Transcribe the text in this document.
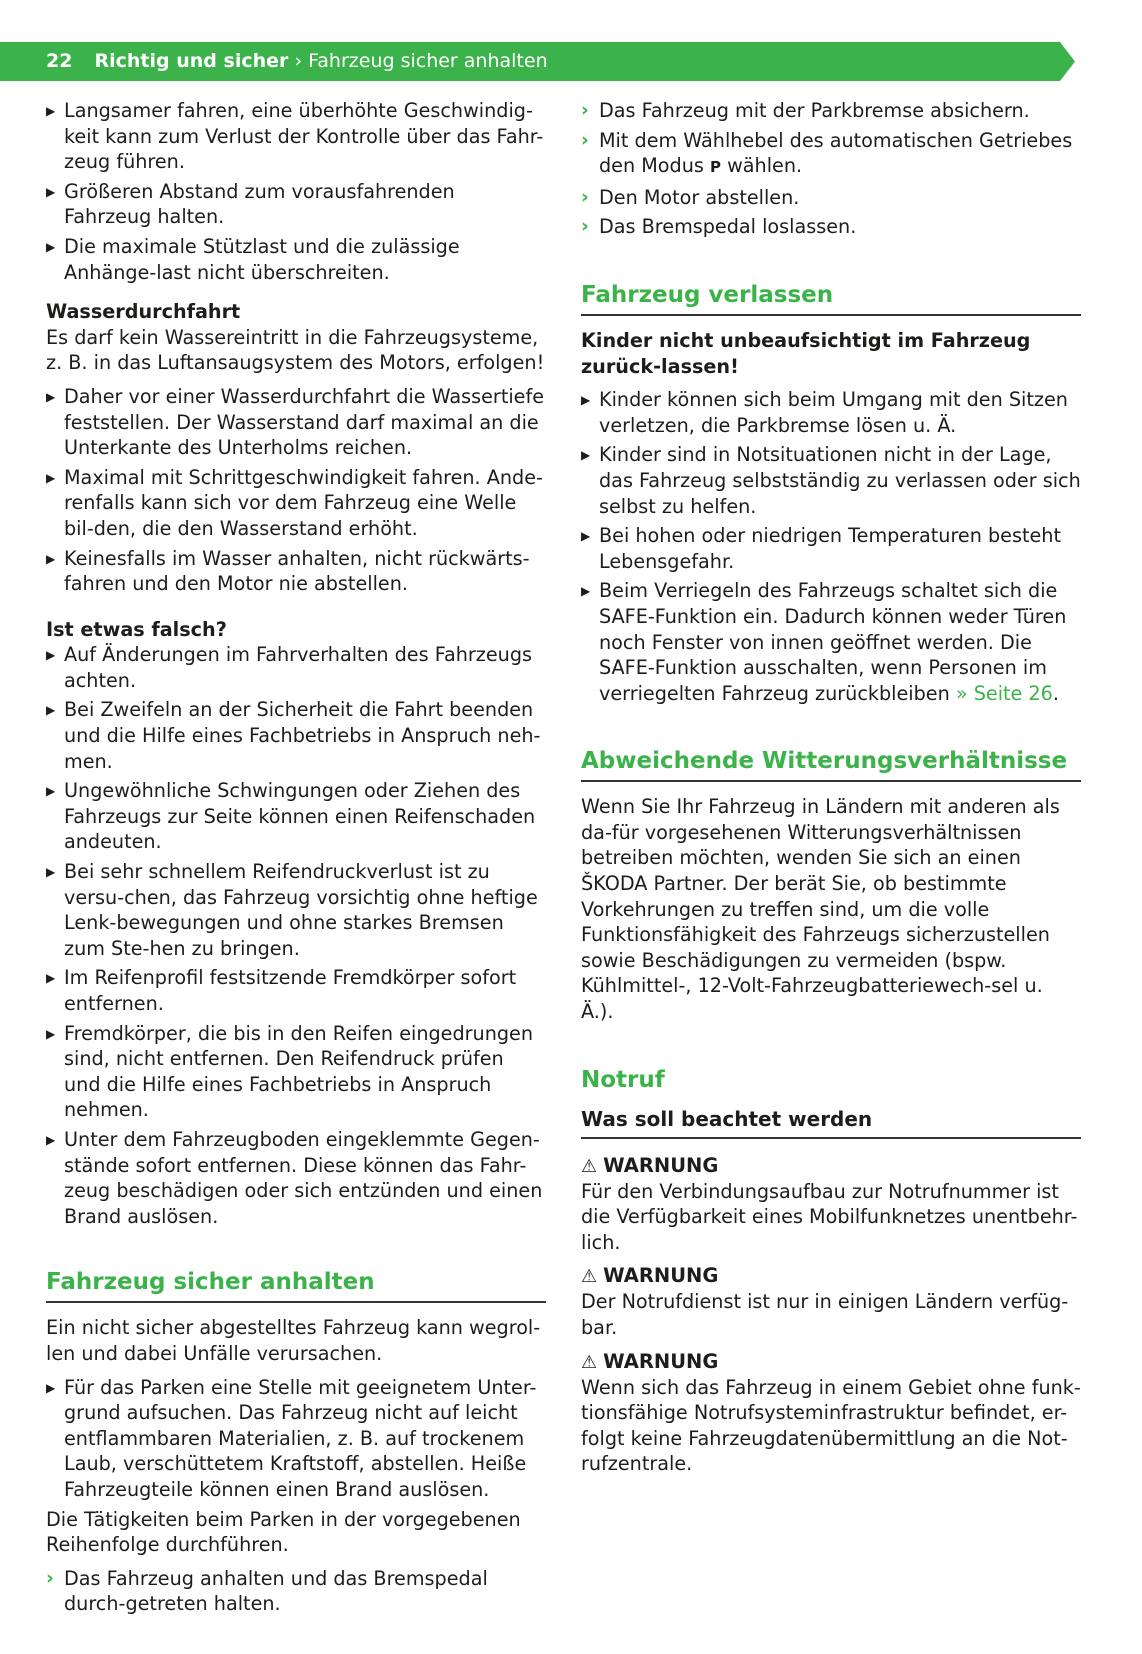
22 Richtig und sicher › Fahrzeug sicher anhalten
▶ Langsamer fahren, eine überhöhte Geschwindig-keit kann zum Verlust der Kontrolle über das Fahr-zeug führen.
▶ Größeren Abstand zum vorausfahrenden Fahrzeug halten.
▶ Die maximale Stützlast und die zulässige Anhänge-last nicht überschreiten.
Wasserdurchfahrt

Es darf kein Wassereintritt in die Fahrzeugsysteme, z. B. in das Luftansaugsystem des Motors, erfolgen!

▶ Daher vor einer Wasserdurchfahrt die Wassertiefe feststellen. Der Wasserstand darf maximal an die Unterkante des Unterholms reichen.
▶ Maximal mit Schrittgeschwindigkeit fahren. Ande-renfalls kann sich vor dem Fahrzeug eine Welle bil-den, die den Wasserstand erhöht.
▶ Keinesfalls im Wasser anhalten, nicht rückwärts-fahren und den Motor nie abstellen.
Ist etwas falsch?
▶ Auf Änderungen im Fahrverhalten des Fahrzeugs achten.
▶ Bei Zweifeln an der Sicherheit die Fahrt beenden und die Hilfe eines Fachbetriebs in Anspruch neh-men.
▶ Ungewöhnliche Schwingungen oder Ziehen des Fahrzeugs zur Seite können einen Reifenschaden andeuten.
▶ Bei sehr schnellem Reifendruckverlust ist zu versu-chen, das Fahrzeug vorsichtig ohne heftige Lenk-bewegungen und ohne starkes Bremsen zum Ste-hen zu bringen.
▶ Im Reifenprofil festsitzende Fremdkörper sofort entfernen.
▶ Fremdkörper, die bis in den Reifen eingedrungen sind, nicht entfernen. Den Reifendruck prüfen und die Hilfe eines Fachbetriebs in Anspruch nehmen.
▶ Unter dem Fahrzeugboden eingeklemmte Gegen-stände sofort entfernen. Diese können das Fahr-zeug beschädigen oder sich entzünden und einen Brand auslösen.
Fahrzeug sicher anhalten

Ein nicht sicher abgestelltes Fahrzeug kann wegrol-len und dabei Unfälle verursachen.

▶ Für das Parken eine Stelle mit geeignetem Unter-grund aufsuchen. Das Fahrzeug nicht auf leicht entflammbaren Materialien, z. B. auf trockenem Laub, verschüttetem Kraftstoff, abstellen. Heiße Fahrzeugteile können einen Brand auslösen.

Die Tätigkeiten beim Parken in der vorgegebenen Reihenfolge durchführen.

› Das Fahrzeug anhalten und das Bremspedal durch-getreten halten.
› Das Fahrzeug mit der Parkbremse absichern.
› Mit dem Wählhebel des automatischen Getriebes den Modus P wählen.
› Den Motor abstellen.
› Das Bremspedal loslassen.
Fahrzeug verlassen
Kinder nicht unbeaufsichtigt im Fahrzeug zurück-lassen!
▶ Kinder können sich beim Umgang mit den Sitzen verletzen, die Parkbremse lösen u. Ä.
▶ Kinder sind in Notsituationen nicht in der Lage, das Fahrzeug selbstständig zu verlassen oder sich selbst zu helfen.
▶ Bei hohen oder niedrigen Temperaturen besteht Lebensgefahr.
▶ Beim Verriegeln des Fahrzeugs schaltet sich die SAFE-Funktion ein. Dadurch können weder Türen noch Fenster von innen geöffnet werden. Die SAFE-Funktion ausschalten, wenn Personen im verriegelten Fahrzeug zurückbleiben » Seite 26.
Abweichende Witterungsverhältnisse

Wenn Sie Ihr Fahrzeug in Ländern mit anderen als da-für vorgesehenen Witterungsverhältnissen betreiben möchten, wenden Sie sich an einen ŠKODA Partner. Der berät Sie, ob bestimmte Vorkehrungen zu treffen sind, um die volle Funktionsfähigkeit des Fahrzeugs sicherzustellen sowie Beschädigungen zu vermeiden (bspw. Kühlmittel-, 12-Volt-Fahrzeugbatteriewech-sel u. Ä.).

Notruf
Was soll beachtet werden
⚠ WARNUNG

Für den Verbindungsaufbau zur Notrufnummer ist die Verfügbarkeit eines Mobilfunknetzes unentbehr-lich.

⚠ WARNUNG

Der Notrufdienst ist nur in einigen Ländern verfüg-bar.

⚠ WARNUNG

Wenn sich das Fahrzeug in einem Gebiet ohne funk-tionsfähige Notrufsysteminfrastruktur befindet, er-folgt keine Fahrzeugdatenübermittlung an die Not-rufzentrale.
